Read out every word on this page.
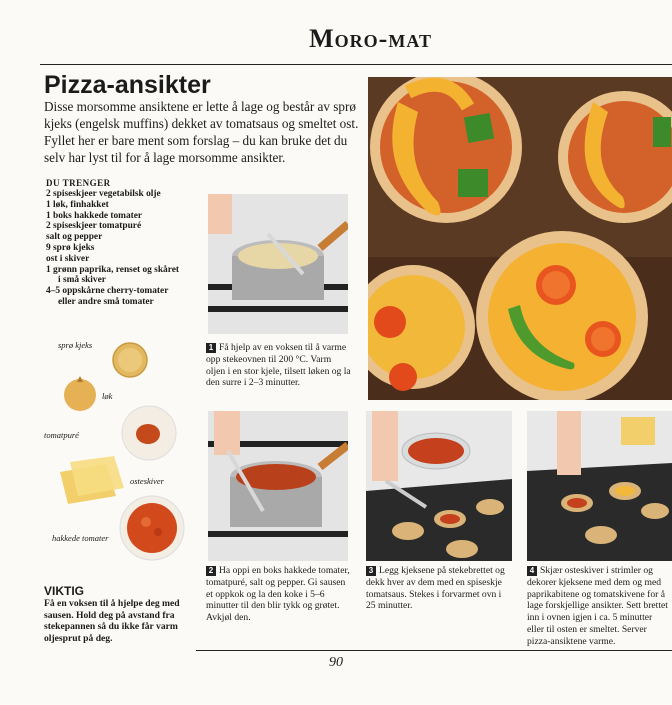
Moro-mat
Pizza-ansikter
Disse morsomme ansiktene er lette å lage og består av sprø kjeks (engelsk muffins) dekket av tomatsaus og smeltet ost. Fyllet her er bare ment som forslag – du kan bruke det du selv har lyst til for å lage morsomme ansikter.
DU TRENGER
2 spiseskjeer vegetabilsk olje
1 løk, finhakket
1 boks hakkede tomater
2 spiseskjeer tomatpuré
salt og pepper
9 sprø kjeks
ost i skiver
1 grønn paprika, renset og skåret
i små skiver
4–5 oppskårne cherry-tomater
eller andre små tomater
sprø kjeks
løk
tomatpuré
osteskiver
hakkede tomater
VIKTIG
Få en voksen til å hjelpe deg med sausen. Hold deg på avstand fra stekepannen så du ikke får varm oljesprut på deg.
1 Få hjelp av en voksen til å varme opp stekeovnen til 200 °C. Varm oljen i en stor kjele, tilsett løken og la den surre i 2–3 minutter.
2 Ha oppi en boks hakkede tomater, tomatpuré, salt og pepper. Gi sausen et oppkok og la den koke i 5–6 minutter til den blir tykk og grøtet. Avkjøl den.
3 Legg kjeksene på stekebrettet og dekk hver av dem med en spiseskje tomatsaus. Stekes i forvarmet ovn i 25 minutter.
4 Skjær osteskiver i strimler og dekorer kjeksene med dem og med paprikabitene og tomatskivene for å lage forskjellige ansikter. Sett brettet inn i ovnen igjen i ca. 5 minutter eller til osten er smeltet. Server pizza-ansiktene varme.
90
